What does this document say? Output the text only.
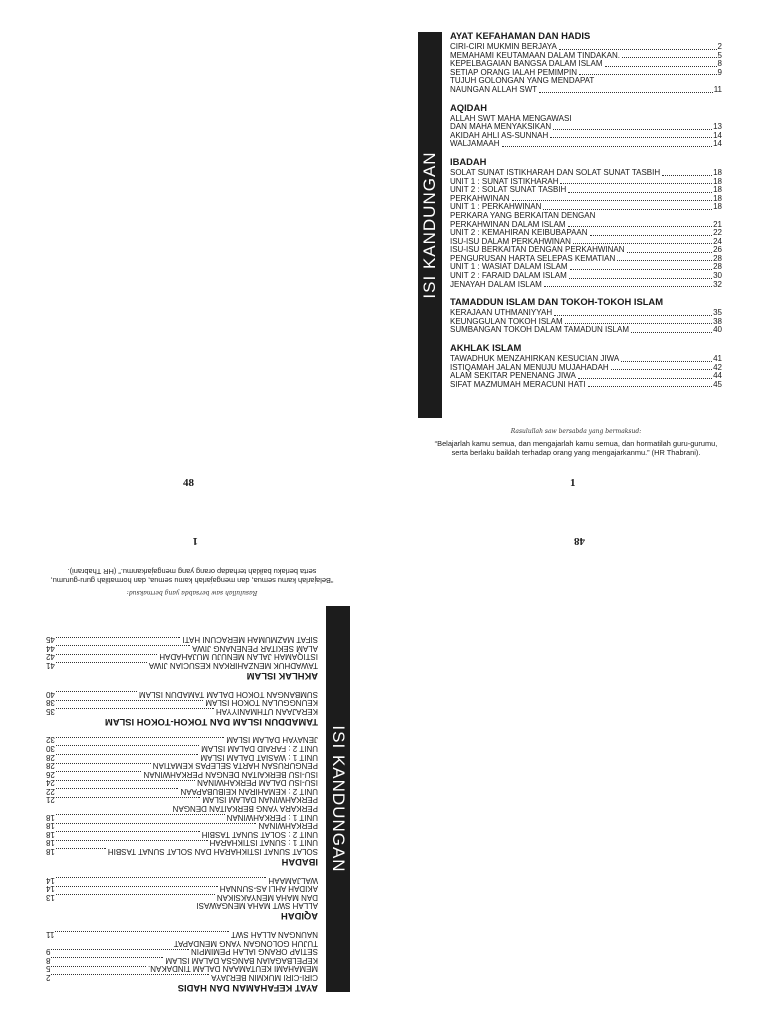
ISI KANDUNGAN
AYAT KEFAHAMAN DAN HADIS
CIRI-CIRI MUKMIN BERJAYA	2
MEMAHAMI KEUTAMAAN DALAM TINDAKAN.	5
KEPELBAGAIAN BANGSA DALAM ISLAM	8
SETIAP ORANG IALAH PEMIMPIN	9
TUJUH GOLONGAN YANG MENDAPAT
NAUNGAN ALLAH SWT	11
AQIDAH
ALLAH SWT MAHA MENGAWASI
DAN MAHA MENYAKSIKAN	13
AKIDAH AHLI AS-SUNNAH	14
WALJAMAAH	14
IBADAH
SOLAT SUNAT ISTIKHARAH DAN SOLAT SUNAT TASBIH	18
UNIT 1 : SUNAT ISTIKHARAH	18
UNIT 2 : SOLAT SUNAT TASBIH	18
PERKAHWINAN	18
UNIT 1 : PERKAHWINAN	18
PERKARA YANG BERKAITAN DENGAN
PERKAHWINAN DALAM ISLAM	21
UNIT 2 : KEMAHIRAN KEIBUBAPAAN	22
ISU-ISU DALAM PERKAHWINAN	24
ISU-ISU BERKAITAN DENGAN PERKAHWINAN	26
PENGURUSAN HARTA SELEPAS KEMATIAN	28
UNIT 1 : WASIAT DALAM ISLAM	28
UNIT 2 : FARAID DALAM ISLAM	30
JENAYAH DALAM ISLAM	32
TAMADDUN ISLAM DAN TOKOH-TOKOH ISLAM
KERAJAAN UTHMANIYYAH	35
KEUNGGULAN TOKOH ISLAM	38
SUMBANGAN TOKOH DALAM TAMADUN ISLAM	40
AKHLAK ISLAM
TAWADHUK MENZAHIRKAN KESUCIAN JIWA	41
ISTIQAMAH JALAN MENUJU MUJAHADAH	42
ALAM SEKITAR PENENANG JIWA	44
SIFAT MAZMUMAH MERACUNI HATI	45
Rasulullah saw bersabda yang bermaksud:
“Belajarlah kamu semua, dan mengajarlah kamu semua, dan hormatilah guru-gurumu,
serta berlaku baiklah terhadap orang yang mengajarkanmu.” (HR Thabrani).
48	1
ISI KANDUNGAN
AYAT KEFAHAMAN DAN HADIS
CIRI-CIRI MUKMIN BERJAYA
2
MEMAHAMI KEUTAMAAN DALAM TINDAKAN.
5
KEPELBAGAIAN BANGSA DALAM ISLAM
8
SETIAP ORANG IALAH PEMIMPIN
9
TUJUH GOLONGAN YANG MENDAPAT
NAUNGAN ALLAH SWT
11
AQIDAH
ALLAH SWT MAHA MENGAWASI
DAN MAHA MENYAKSIKAN
13
AKIDAH AHLI AS-SUNNAH
14
WALJAMAAH
14
IBADAH
SOLAT SUNAT ISTIKHARAH DAN SOLAT SUNAT TASBIH
18
UNIT 1 : SUNAT ISTIKHARAH
18
UNIT 2 : SOLAT SUNAT TASBIH
18
PERKAHWINAN
18
UNIT 1 : PERKAHWINAN
18
PERKARA YANG BERKAITAN DENGAN
PERKAHWINAN DALAM ISLAM
21
UNIT 2 : KEMAHIRAN KEIBUBAPAAN
22
ISU-ISU DALAM PERKAHWINAN
24
ISU-ISU BERKAITAN DENGAN PERKAHWINAN
26
PENGURUSAN HARTA SELEPAS KEMATIAN
28
UNIT 1 : WASIAT DALAM ISLAM
28
UNIT 2 : FARAID DALAM ISLAM
30
JENAYAH DALAM ISLAM
32
TAMADDUN ISLAM DAN TOKOH-TOKOH ISLAM
KERAJAAN UTHMANIYYAH
35
KEUNGGULAN TOKOH ISLAM
38
SUMBANGAN TOKOH DALAM TAMADUN ISLAM
40
AKHLAK ISLAM
TAWADHUK MENZAHIRKAN KESUCIAN JIWA
41
ISTIQAMAH JALAN MENUJU MUJAHADAH
42
ALAM SEKITAR PENENANG JIWA
44
SIFAT MAZMUMAH MERACUNI HATI
45
Rasulullah saw bersabda yang bermaksud:
“Belajarlah kamu semua, dan mengajarlah kamu semua, dan hormatilah guru-gurumu,
serta berlaku baiklah terhadap orang yang mengajarkanmu.” (HR Thabrani).
48
1
